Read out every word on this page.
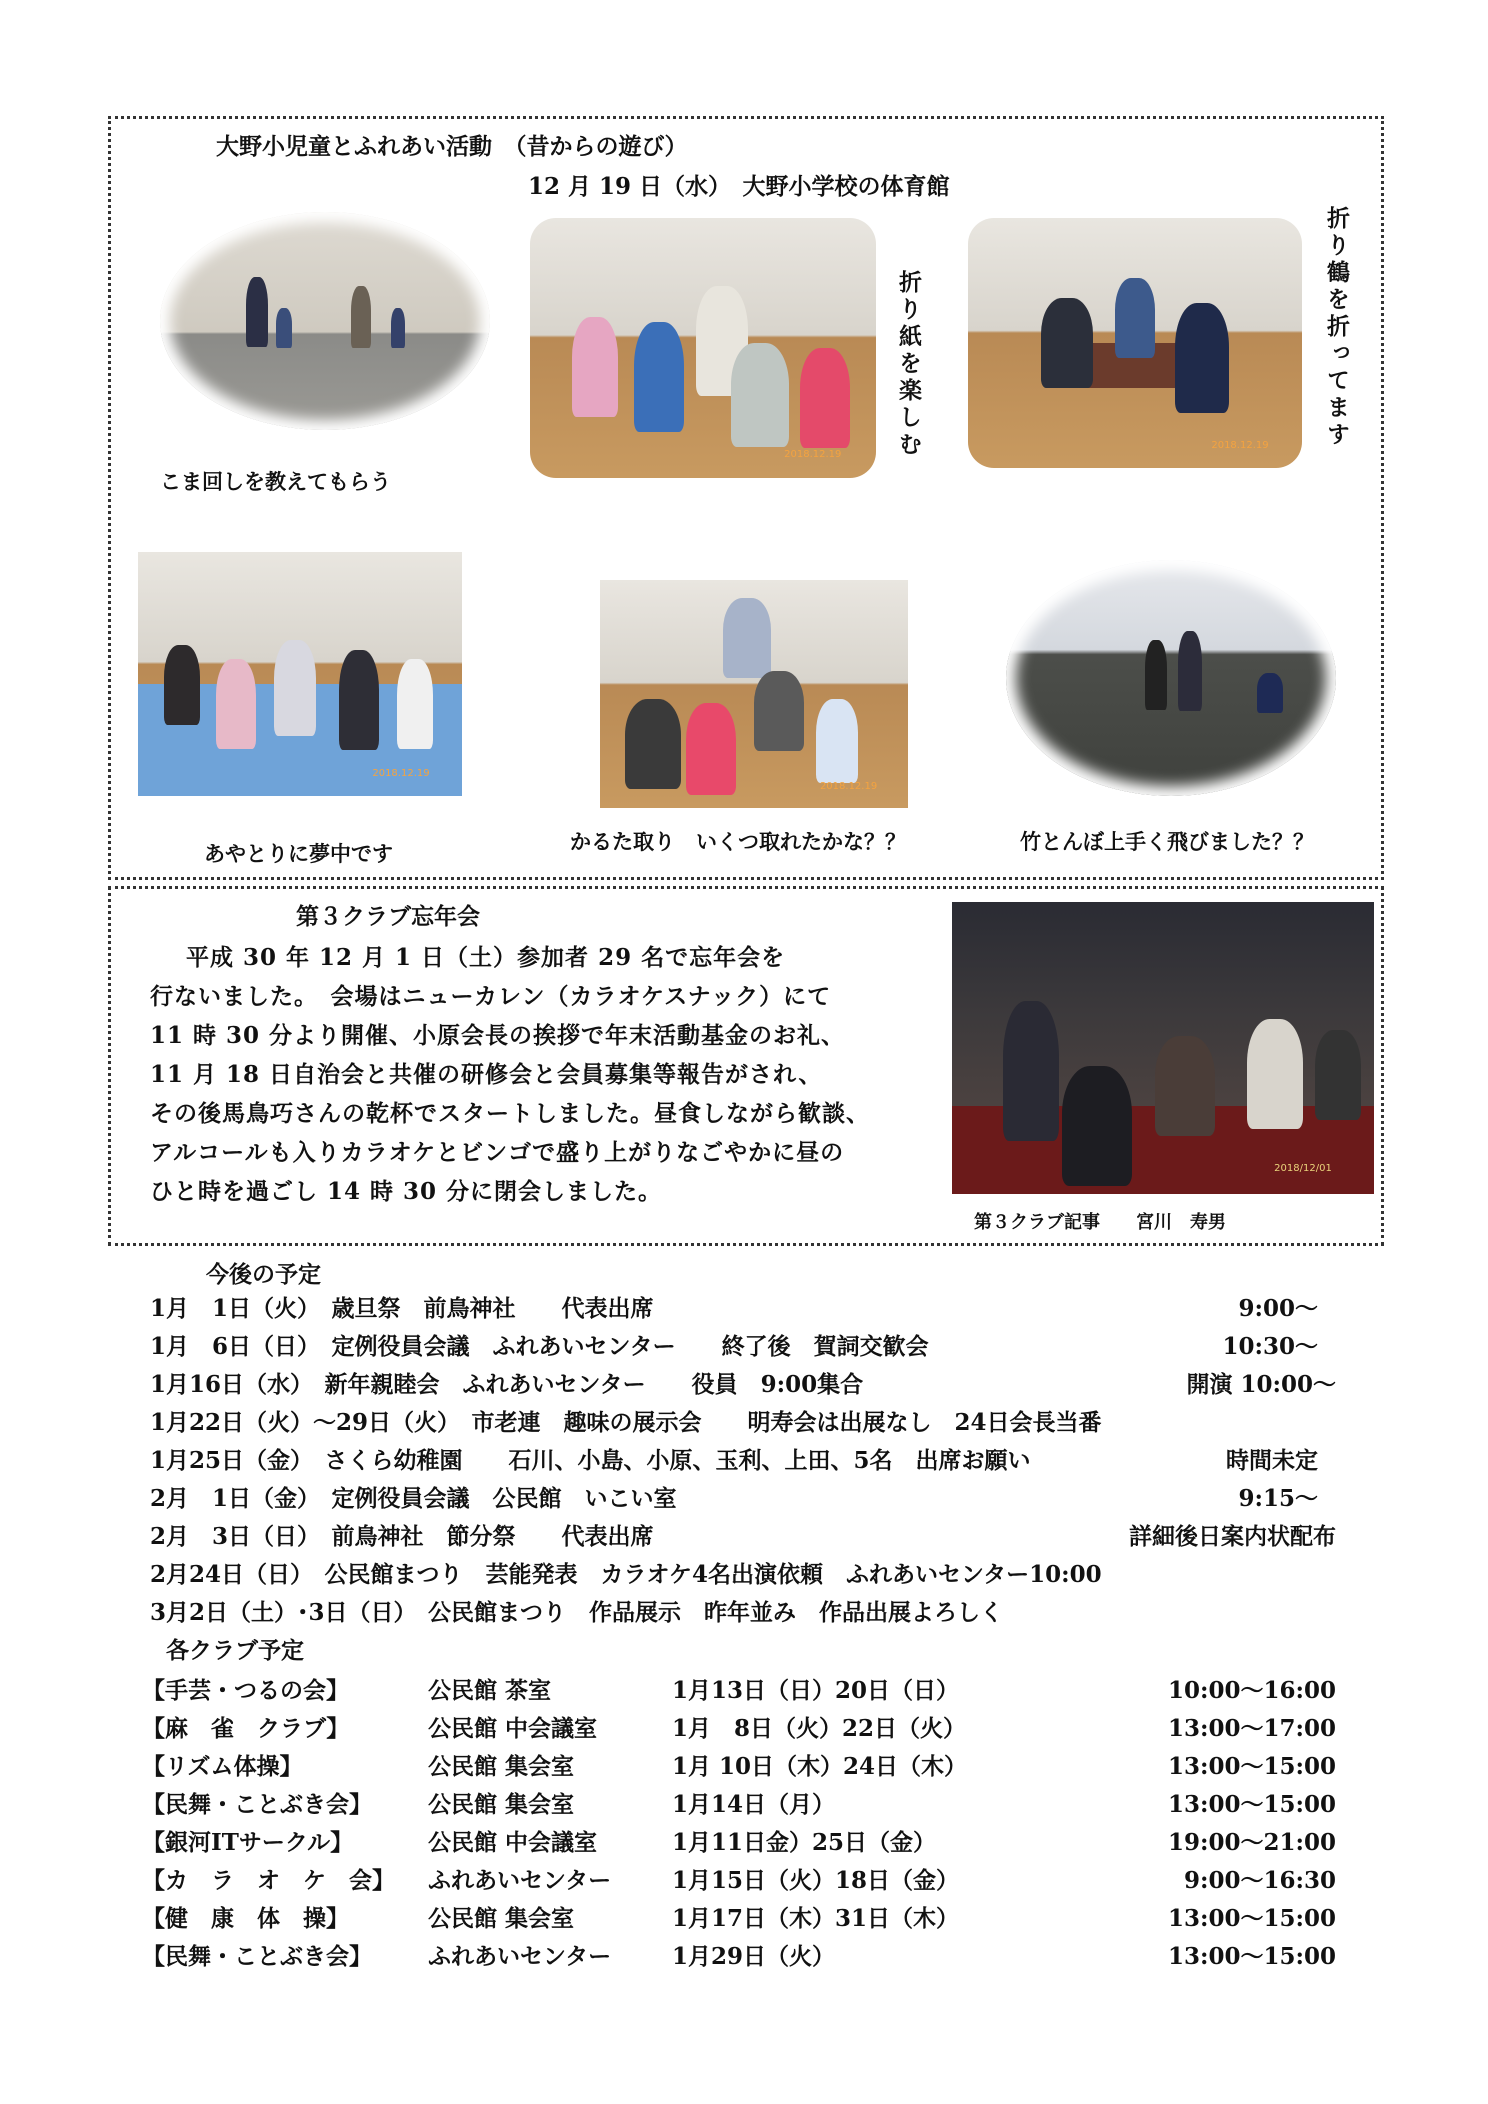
大野小児童とふれあい活動　（昔からの遊び）
12 月 19 日（水）　大野小学校の体育館
こま回しを教えてもらう
2018.12.19 折り紙を楽しむ	2018.12.19 折り鶴を折ってます
2018.12.19
あやとりに夢中です
2018.12.19
かるた取り　いくつ取れたかな？？	竹とんぼ上手く飛びました？？
第３クラブ忘年会
平成 30 年 12 月 1 日（土）参加者 29 名で忘年会を
行ないました。　会場はニューカレン（カラオケスナック）にて
11 時 30 分より開催、小原会長の挨拶で年末活動基金のお礼、
11 月 18 日自治会と共催の研修会と会員募集等報告がされ、
その後馬鳥巧さんの乾杯でスタートしました。昼食しながら歓談、
アルコールも入りカラオケとビンゴで盛り上がりなごやかに昼の
ひと時を過ごし 14 時 30 分に閉会しました。
2018/12/01
第３クラブ記事　　宮川　寿男
今後の予定
1月　1日（火）　歳旦祭　前鳥神社　　代表出席	9:00～
1月　6日（日）　定例役員会議　ふれあいセンター　　終了後　賀詞交歓会	10:30～
1月16日（水）　新年親睦会　ふれあいセンター　　役員　9:00集合	開演 10:00～
1月22日（火）～29日（火）　市老連　趣味の展示会　　明寿会は出展なし　24日会長当番
1月25日（金）　さくら幼稚園　　石川、小島、小原、玉利、上田、5名　出席お願い	時間未定
2月　1日（金）　定例役員会議　公民館　いこい室	9:15～
2月　3日（日）　前鳥神社　節分祭　　代表出席	詳細後日案内状配布
2月24日（日）　公民館まつり　芸能発表　カラオケ4名出演依頼　ふれあいセンター10:00
3月2日（土）･3日（日）　公民館まつり　作品展示　昨年並み　作品出展よろしく
各クラブ予定
【手芸・つるの会】	公民館 茶室	1月13日（日）20日（日）	10:00～16:00
【麻　雀　クラブ】	公民館 中会議室	1月　8日（火）22日（火）	13:00～17:00
【リズム体操】	公民館 集会室	1月 10日（木）24日（木）	13:00～15:00
【民舞・ことぶき会】 公民館 集会室	1月14日（月）	13:00～15:00
【銀河ITサークル】	公民館 中会議室	1月11日金）25日（金）	19:00～21:00
【カ　ラ　オ　ケ　会】 ふれあいセンター	1月15日（火）18日（金）	9:00～16:30
【健　康　体　操】	公民館 集会室	1月17日（木）31日（木）	13:00～15:00
【民舞・ことぶき会】 ふれあいセンター	1月29日（火）	13:00～15:00
